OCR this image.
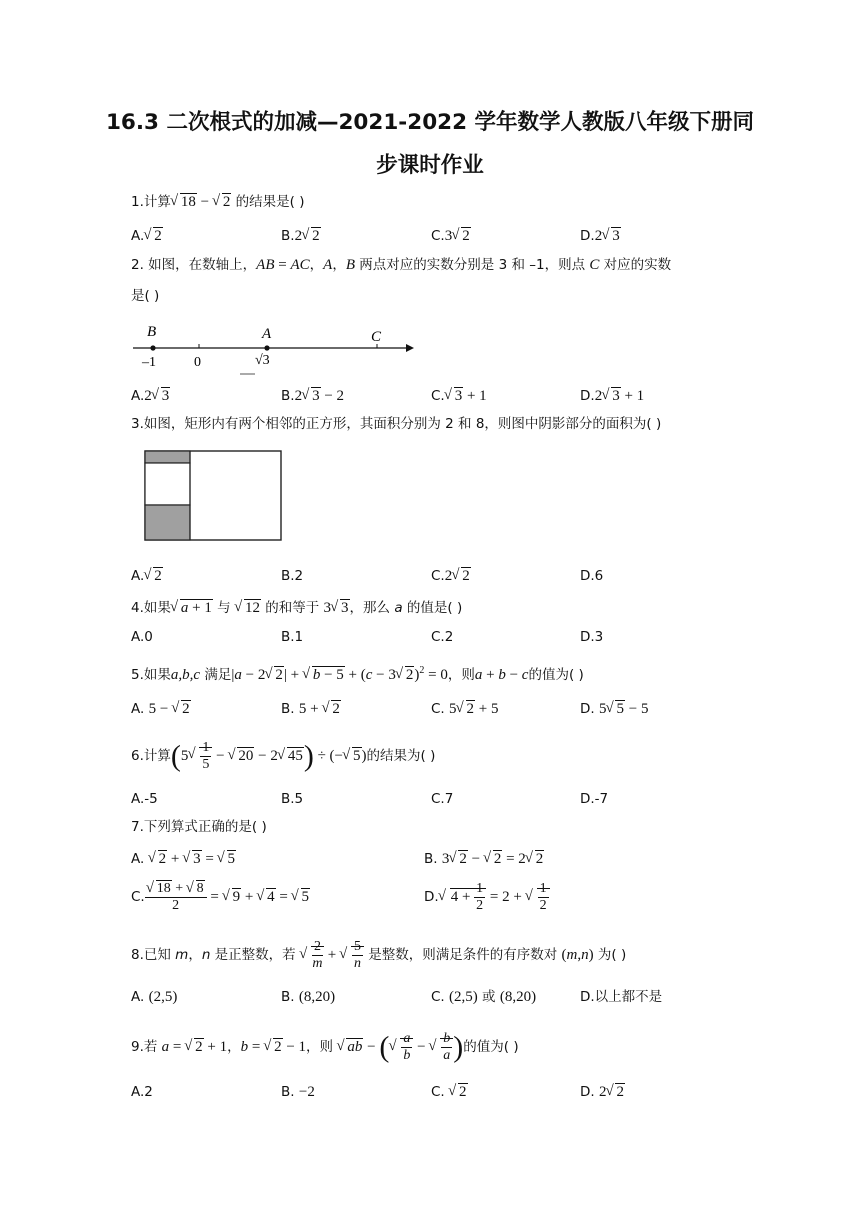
16.3 二次根式的加减—2021-2022 学年数学人教版八年级下册同
步课时作业
1.计算 √ 18 − √ 2 的结果是( )
A. √ 2	B.2 √ 2	C.3 √ 2	D.2 √ 3
2. 如图，在数轴上，AB = AC，A，B 两点对应的实数分别是 3 和 –1，则点 C 对应的实数
是( )
B	A	C
–1	0	√3
A.2 √ 3	B.2 √ 3 − 2	C. √ 3 + 1	D.2 √ 3 + 1
3.如图，矩形内有两个相邻的正方形，其面积分别为 2 和 8，则图中阴影部分的面积为( )
A. √ 2	B.2	C.2 √ 2	D.6
4.如果 √ a + 1 与 √ 12 的和等于 3 √ 3，那么 a 的值是( )
A.0	B.1	C.2	D.3
5.如果a,b,c 满足|a − 2 √ 2| + √ b − 5 + (c − 3 √ 2)$^2$ = 0，则a + b − c的值为( )
A. 5 − √ 2	B. 5 + √ 2	C. 5 √ 2 + 5	D. 5 √ 5 − 5
6.计算(5 √ $\frac{1}{5}$ − √ 20 − 2 √ 45) ÷ (− √ 5)的结果为( )
A.-5	B.5	C.7	D.-7
7.下列算式正确的是( )
A. √ 2 + √ 3 = √ 5	B. 3 √ 2 − √ 2 = 2 √ 2
C. √ $\frac{18 + √ 8}{2}$ = √ 9 + √ 4 = √ 5	D. √ $4 + \frac{1}{2} = 2$ + √ $\frac{1}{2}$
8.已知 m，n 是正整数，若 √ $\frac{2}{m}$ + √ $\frac{5}{n}$ 是整数，则满足条件的有序数对 (m,n) 为( )
A. (2,5)	B. (8,20)	C. (2,5) 或 (8,20)	D.以上都不是
9.若 a = √ 2 + 1，b = √ 2 − 1，则 √ ab − ( √ $\frac{a}{b}$ − √ $\frac{b}{a}$ )的值为( )
A.2	B. −2	C. √ 2	D. 2 √ 2
